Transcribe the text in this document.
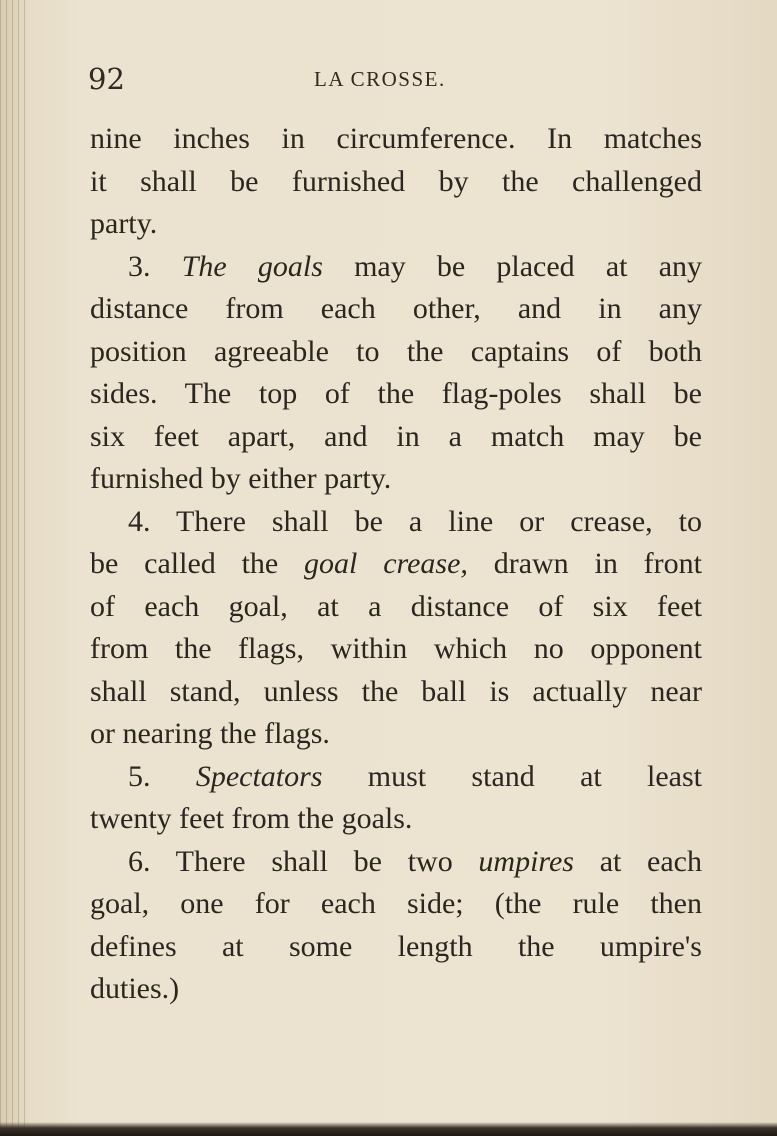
92	LA CROSSE.
nine inches in circumference. In matches
it shall be furnished by the challenged
party.
3. The goals may be placed at any
distance from each other, and in any
position agreeable to the captains of both
sides. The top of the flag-poles shall be
six feet apart, and in a match may be
furnished by either party.
4. There shall be a line or crease, to
be called the goal crease, drawn in front
of each goal, at a distance of six feet
from the flags, within which no opponent
shall stand, unless the ball is actually near
or nearing the flags.
5. Spectators must stand at least
twenty feet from the goals.
6. There shall be two umpires at each
goal, one for each side; (the rule then
defines at some length the umpire's
duties.)
